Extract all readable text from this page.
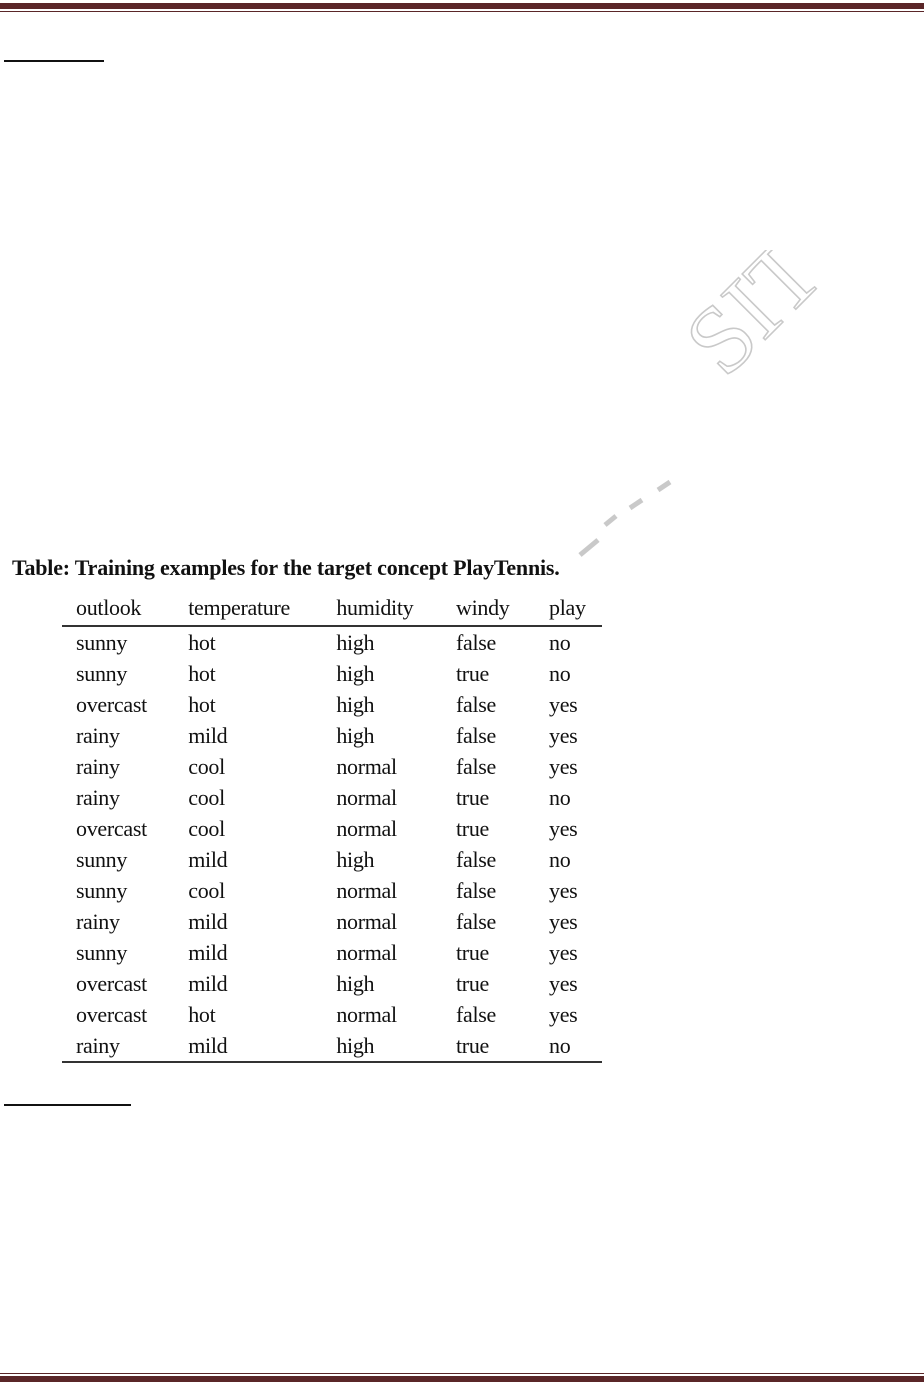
SIT
Table: Training examples for the target concept PlayTennis.
outlook	temperature	humidity	windy	play
sunny	hot	high	false	no
sunny	hot	high	true	no
overcast	hot	high	false	yes
rainy	mild	high	false	yes
rainy	cool	normal	false	yes
rainy	cool	normal	true	no
overcast	cool	normal	true	yes
sunny	mild	high	false	no
sunny	cool	normal	false	yes
rainy	mild	normal	false	yes
sunny	mild	normal	true	yes
overcast	mild	high	true	yes
overcast	hot	normal	false	yes
rainy	mild	high	true	no
